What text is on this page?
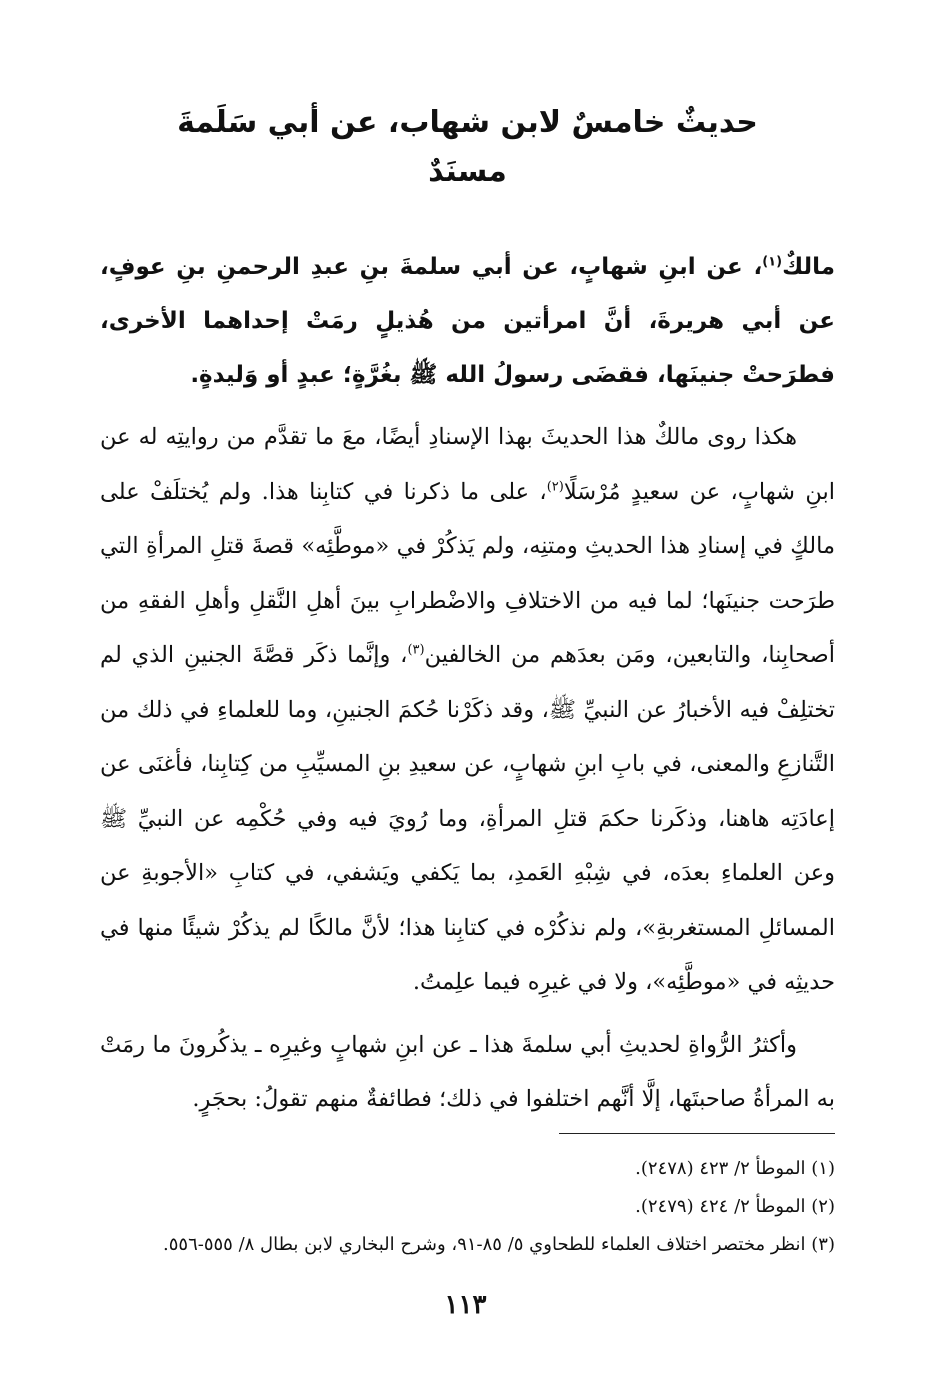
حديثٌ خامسٌ لابن شهاب، عن أبي سَلَمةَ
مسنَدٌ

مالكٌ$^{(١)}$، عن ابنِ شهابٍ، عن أبي سلمةَ بنِ عبدِ الرحمنِ بنِ عوفٍ، عن أبي هريرةَ، أنَّ امرأتين من هُذيلٍ رمَتْ إحداهما الأخرى، فطرَحتْ جنينَها، فقضَى رسولُ الله ﷺ بغُرَّةٍ؛ عبدٍ أو وَليدةٍ.

هكذا روى مالكٌ هذا الحديثَ بهذا الإسنادِ أيضًا، معَ ما تقدَّم من روايتِه له عن ابنِ شهابٍ، عن سعيدٍ مُرْسَلًا$^{(٢)}$، على ما ذكرنا في كتابِنا هذا. ولم يُختلَفْ على مالكٍ في إسنادِ هذا الحديثِ ومتنِه، ولم يَذكُرْ في «موطَّئِه» قصةَ قتلِ المرأةِ التي طرَحت جنينَها؛ لما فيه من الاختلافِ والاضْطرابِ بينَ أهلِ النَّقلِ وأهلِ الفقهِ من أصحابِنا، والتابعين، ومَن بعدَهم من الخالفين$^{(٣)}$، وإنَّما ذكَر قصَّةَ الجنينِ الذي لم تختلِفْ فيه الأخبارُ عن النبيِّ ﷺ، وقد ذكَرْنا حُكمَ الجنينِ، وما للعلماءِ في ذلك من التَّنازعِ والمعنى، في بابِ ابنِ شهابٍ، عن سعيدِ بنِ المسيِّبِ من كِتابِنا، فأغنَى عن إعادَتِه هاهنا، وذكَرنا حكمَ قتلِ المرأةِ، وما رُويَ فيه وفي حُكْمِه عن النبيِّ ﷺ وعن العلماءِ بعدَه، في شِبْهِ العَمدِ، بما يَكفي ويَشفي، في كتابِ «الأجوبةِ عن المسائلِ المستغربةِ»، ولم نذكُرْه في كتابِنا هذا؛ لأنَّ مالكًا لم يذكُرْ شيئًا منها في حديثِه في «موطَّئِه»، ولا في غيرِه فيما علِمتُ.

وأكثرُ الرُّواةِ لحديثِ أبي سلمةَ هذا ـ عن ابنِ شهابٍ وغيرِه ـ يذكُرونَ ما رمَتْ به المرأةُ صاحبتَها، إلَّا أنَّهم اختلفوا في ذلك؛ فطائفةٌ منهم تقولُ: بحجَرٍ.

(١) الموطأ ٢/ ٤٢٣ (٢٤٧٨).

(٢) الموطأ ٢/ ٤٢٤ (٢٤٧٩).

(٣) انظر مختصر اختلاف العلماء للطحاوي ٥/ ٨٥-٩١، وشرح البخاري لابن بطال ٨/ ٥٥٥-٥٥٦.

١١٣
